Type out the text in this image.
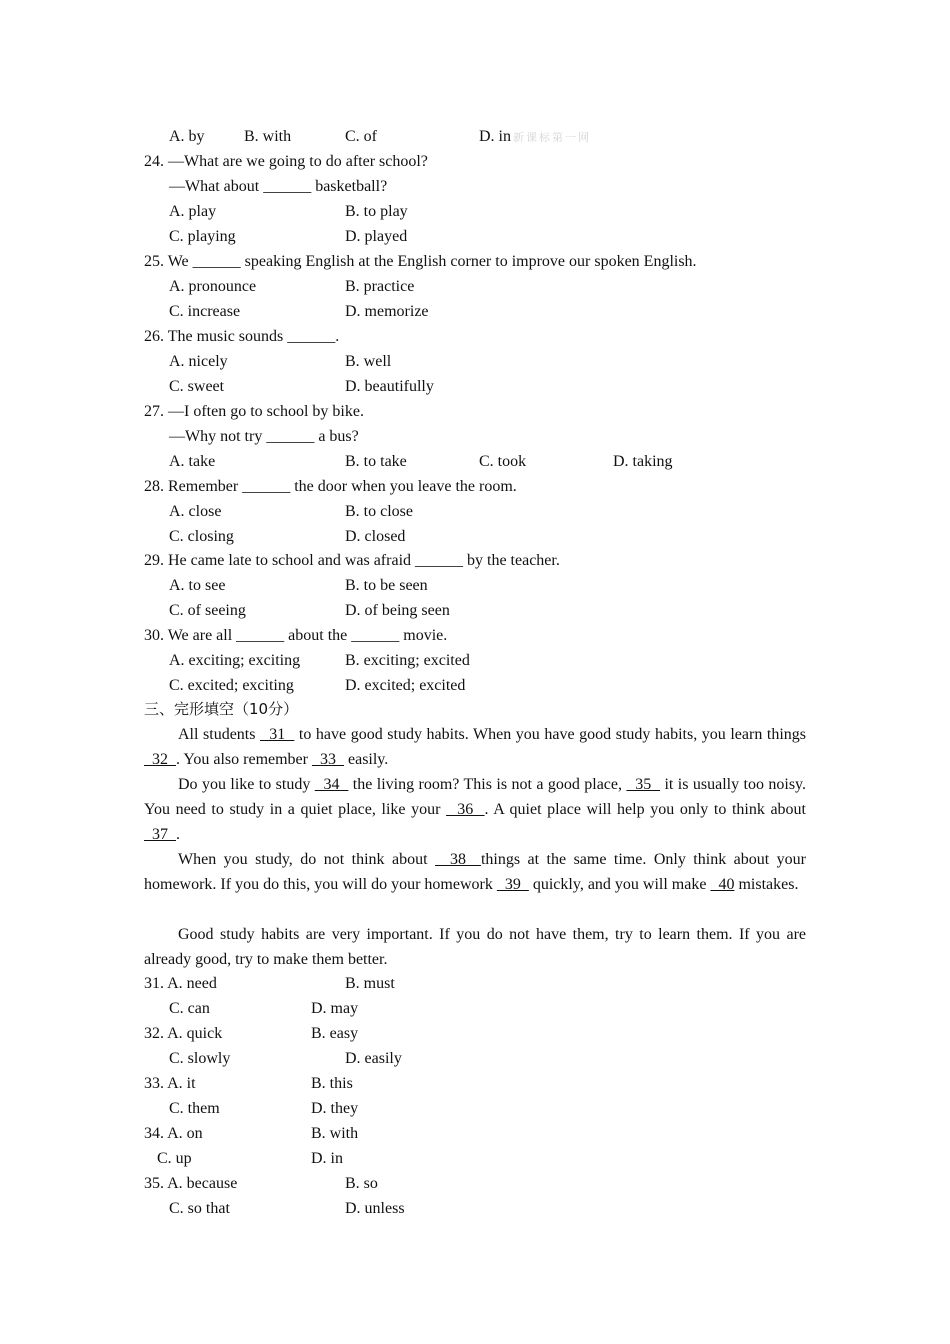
A. by B. with	C. of	D. in 新课标第一网
24. —What are we going to do after school?
—What about ______ basketball?
A. play	B. to play
C. playing	D. played
25. We ______ speaking English at the English corner to improve our spoken English.
A. pronounce	B. practice
C. increase	D. memorize
26. The music sounds ______.
A. nicely	B. well
C. sweet	D. beautifully
27. —I often go to school by bike.
—Why not try ______ a bus?
A. take	B. to take	C. took	D. taking
28. Remember ______ the door when you leave the room.
A. close	B. to close
C. closing	D. closed
29. He came late to school and was afraid ______ by the teacher.
A. to see	B. to be seen
C. of seeing	D. of being seen
30. We are all ______ about the ______ movie.
A. exciting; exciting	B. exciting; excited
C. excited; exciting	D. excited; excited
三、完形填空（10分）
All students   31   to have good study habits. When you have good study habits, you learn things   32  . You also remember   33   easily.
Do you like to study   34   the living room? This is not a good place,   35   it is usually too noisy. You need to study in a quiet place, like your   36  . A quiet place will help you only to think about   37  .
When you study, do not think about   38  things at the same time. Only think about your homework. If you do this, you will do your homework   39   quickly, and you will make   40 mistakes.
Good study habits are very important. If you do not have them, try to learn them. If you are already good, try to make them better.
31. A. need	B. must
C. can	D. may
32. A. quick	B. easy
C. slowly	D. easily
33. A. it	B. this
C. them	D. they
34. A. on	B. with
C. up	D. in
35. A. because	B. so
C. so that	D. unless
